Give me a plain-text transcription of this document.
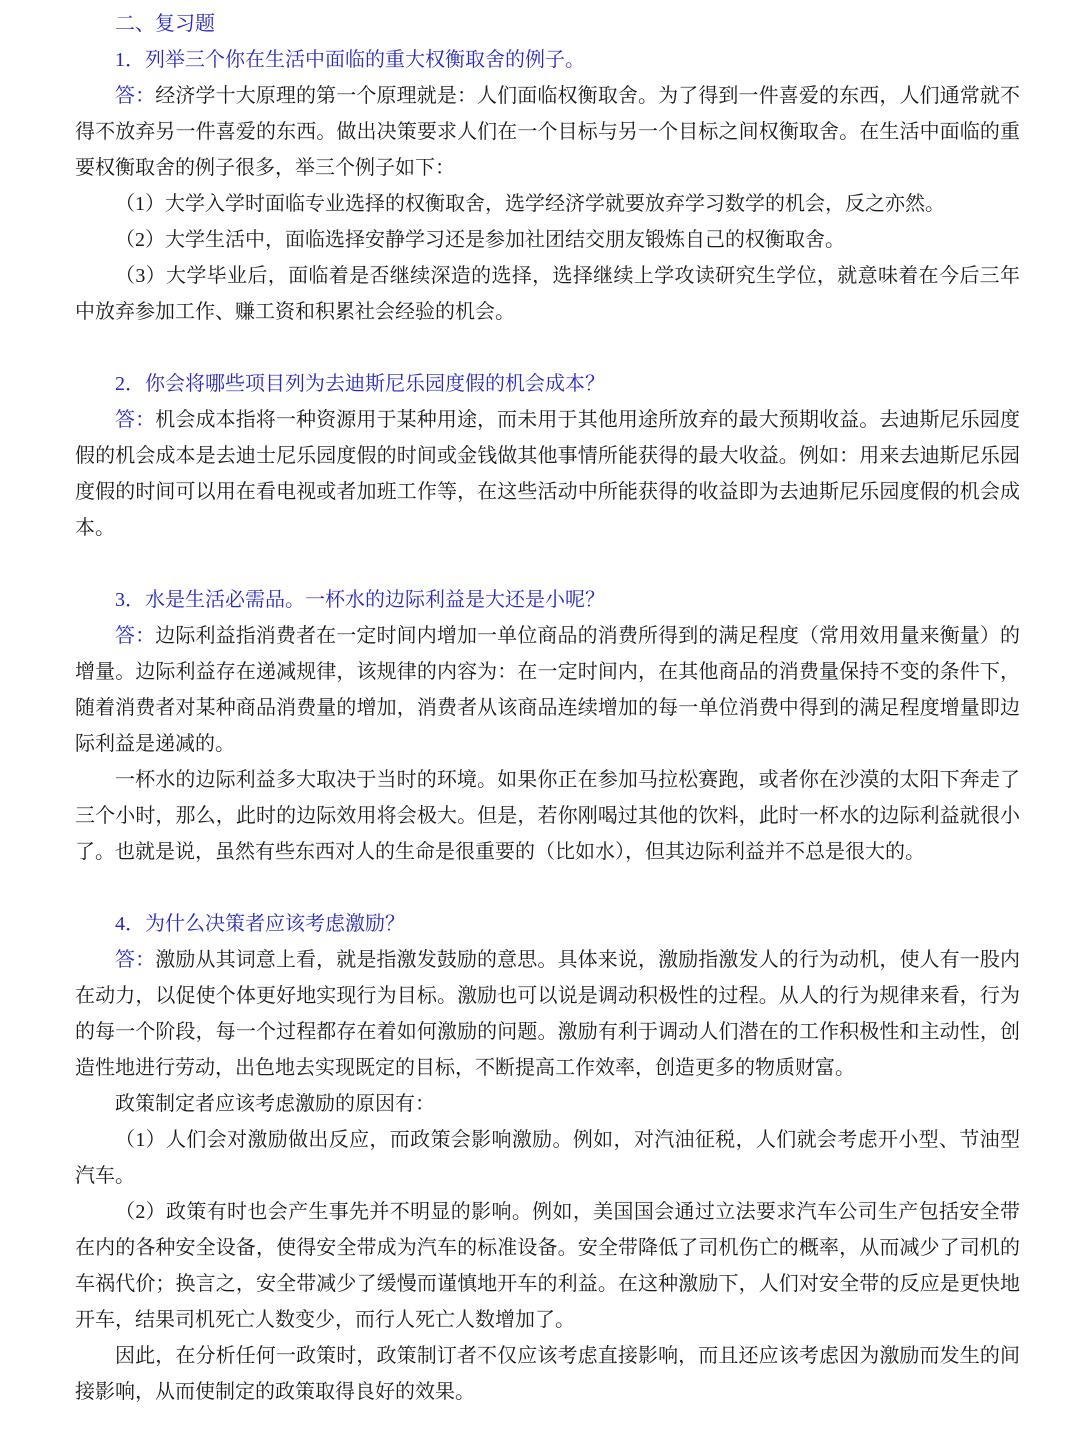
二、复习题

1．列举三个你在生活中面临的重大权衡取舍的例子。

答：经济学十大原理的第一个原理就是：人们面临权衡取舍。为了得到一件喜爱的东西，人们通常就不得不放弃另一件喜爱的东西。做出决策要求人们在一个目标与另一个目标之间权衡取舍。在生活中面临的重要权衡取舍的例子很多，举三个例子如下：

（1）大学入学时面临专业选择的权衡取舍，选学经济学就要放弃学习数学的机会，反之亦然。

（2）大学生活中，面临选择安静学习还是参加社团结交朋友锻炼自己的权衡取舍。

（3）大学毕业后，面临着是否继续深造的选择，选择继续上学攻读研究生学位，就意味着在今后三年中放弃参加工作、赚工资和积累社会经验的机会。

2．你会将哪些项目列为去迪斯尼乐园度假的机会成本？

答：机会成本指将一种资源用于某种用途，而未用于其他用途所放弃的最大预期收益。去迪斯尼乐园度假的机会成本是去迪士尼乐园度假的时间或金钱做其他事情所能获得的最大收益。例如：用来去迪斯尼乐园度假的时间可以用在看电视或者加班工作等，在这些活动中所能获得的收益即为去迪斯尼乐园度假的机会成本。

3．水是生活必需品。一杯水的边际利益是大还是小呢？

答：边际利益指消费者在一定时间内增加一单位商品的消费所得到的满足程度（常用效用量来衡量）的增量。边际利益存在递减规律，该规律的内容为：在一定时间内，在其他商品的消费量保持不变的条件下，随着消费者对某种商品消费量的增加，消费者从该商品连续增加的每一单位消费中得到的满足程度增量即边际利益是递减的。

一杯水的边际利益多大取决于当时的环境。如果你正在参加马拉松赛跑，或者你在沙漠的太阳下奔走了三个小时，那么，此时的边际效用将会极大。但是，若你刚喝过其他的饮料，此时一杯水的边际利益就很小了。也就是说，虽然有些东西对人的生命是很重要的（比如水），但其边际利益并不总是很大的。

4．为什么决策者应该考虑激励？

答：激励从其词意上看，就是指激发鼓励的意思。具体来说，激励指激发人的行为动机，使人有一股内在动力，以促使个体更好地实现行为目标。激励也可以说是调动积极性的过程。从人的行为规律来看，行为的每一个阶段，每一个过程都存在着如何激励的问题。激励有利于调动人们潜在的工作积极性和主动性，创造性地进行劳动，出色地去实现既定的目标，不断提高工作效率，创造更多的物质财富。

政策制定者应该考虑激励的原因有：

（1）人们会对激励做出反应，而政策会影响激励。例如，对汽油征税，人们就会考虑开小型、节油型汽车。

（2）政策有时也会产生事先并不明显的影响。例如，美国国会通过立法要求汽车公司生产包括安全带在内的各种安全设备，使得安全带成为汽车的标准设备。安全带降低了司机伤亡的概率，从而减少了司机的车祸代价；换言之，安全带减少了缓慢而谨慎地开车的利益。在这种激励下，人们对安全带的反应是更快地开车，结果司机死亡人数变少，而行人死亡人数增加了。

因此，在分析任何一政策时，政策制订者不仅应该考虑直接影响，而且还应该考虑因为激励而发生的间接影响，从而使制定的政策取得良好的效果。
